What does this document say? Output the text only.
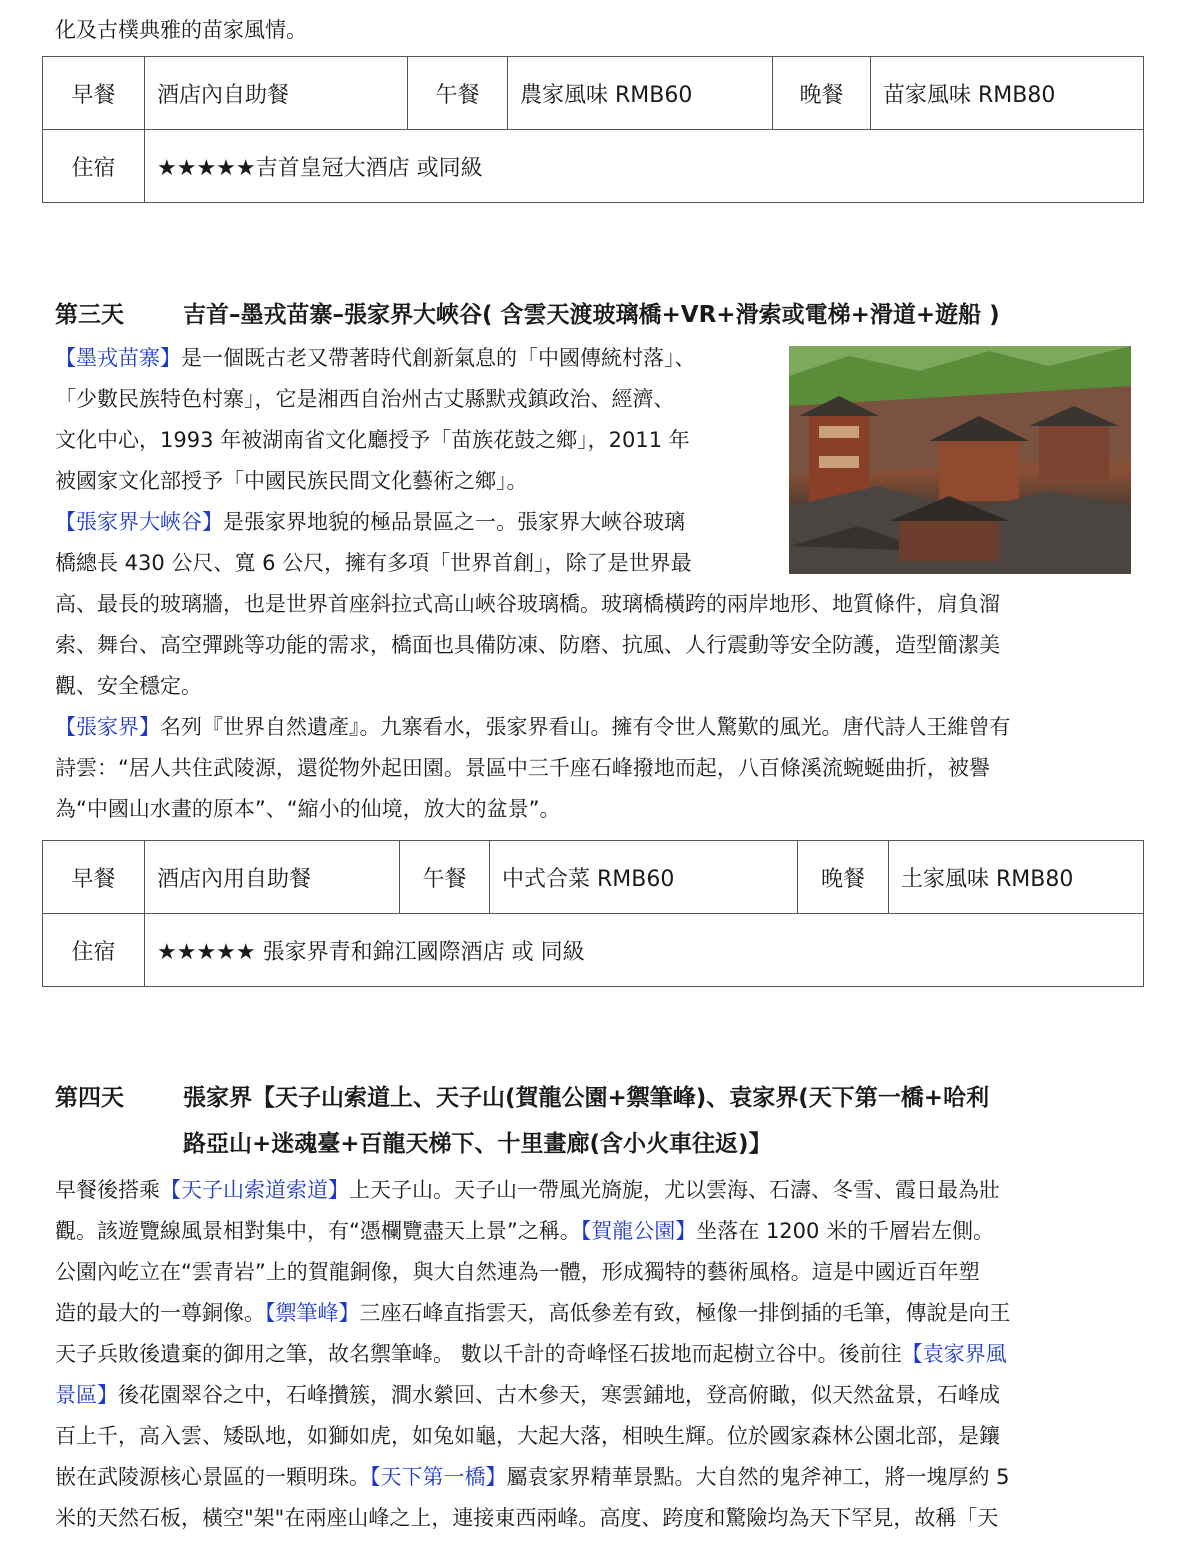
化及古樸典雅的苗家風情。
早餐	酒店內自助餐	午餐	農家風味 RMB60	晚餐	苗家風味 RMB80
住宿	★★★★★吉首皇冠大酒店 或同級				
第三天	吉首–墨戎苗寨–張家界大峽谷( 含雲天渡玻璃橋+VR+滑索或電梯+滑道+遊船 )
【墨戎苗寨】是一個既古老又帶著時代創新氣息的「中國傳統村落」、
「少數民族特色村寨」，它是湘西自治州古丈縣默戎鎮政治、經濟、
文化中心，1993 年被湖南省文化廳授予「苗族花鼓之鄉」，2011 年
被國家文化部授予「中國民族民間文化藝術之鄉」。
【張家界大峽谷】是張家界地貌的極品景區之一。張家界大峽谷玻璃
橋總長 430 公尺、寬 6 公尺，擁有多項「世界首創」，除了是世界最
高、最長的玻璃牆，也是世界首座斜拉式高山峽谷玻璃橋。玻璃橋橫跨的兩岸地形、地質條件，肩負溜
索、舞台、高空彈跳等功能的需求，橋面也具備防凍、防磨、抗風、人行震動等安全防護，造型簡潔美
觀、安全穩定。
【張家界】名列『世界自然遺產』。九寨看水，張家界看山。擁有令世人驚歎的風光。唐代詩人王維曾有
詩雲：“居人共住武陵源，還從物外起田園。景區中三千座石峰撥地而起，八百條溪流蜿蜒曲折，被譽
為“中國山水畫的原本”、“縮小的仙境，放大的盆景”。
早餐	酒店內用自助餐	午餐	中式合菜 RMB60	晚餐	土家風味 RMB80
住宿	★★★★★ 張家界青和錦江國際酒店 或 同級				
第四天	張家界【天子山索道上、天子山(賀龍公園+禦筆峰)、袁家界(天下第一橋+哈利
路亞山+迷魂臺+百龍天梯下、十里畫廊(含小火車往返)】
早餐後搭乘【天子山索道索道】上天子山。天子山一帶風光旖旎，尤以雲海、石濤、冬雪、霞日最為壯
觀。該遊覽線風景相對集中，有“憑欄覽盡天上景”之稱。【賀龍公園】坐落在 1200 米的千層岩左側。
公園內屹立在“雲青岩”上的賀龍銅像，與大自然連為一體，形成獨特的藝術風格。這是中國近百年塑
造的最大的一尊銅像。【禦筆峰】三座石峰直指雲天，高低參差有致，極像一排倒插的毛筆，傳說是向王
天子兵敗後遺棄的御用之筆，故名禦筆峰。 數以千計的奇峰怪石拔地而起樹立谷中。後前往【袁家界風
景區】後花園翠谷之中，石峰攢簇，澗水縈回、古木參天，寒雲鋪地，登高俯瞰，似天然盆景，石峰成
百上千，高入雲、矮臥地，如獅如虎，如兔如龜，大起大落，相映生輝。位於國家森林公園北部，是鑲
嵌在武陵源核心景區的一顆明珠。【天下第一橋】屬袁家界精華景點。大自然的鬼斧神工，將一塊厚約 5
米的天然石板，橫空"架"在兩座山峰之上，連接東西兩峰。高度、跨度和驚險均為天下罕見，故稱「天
